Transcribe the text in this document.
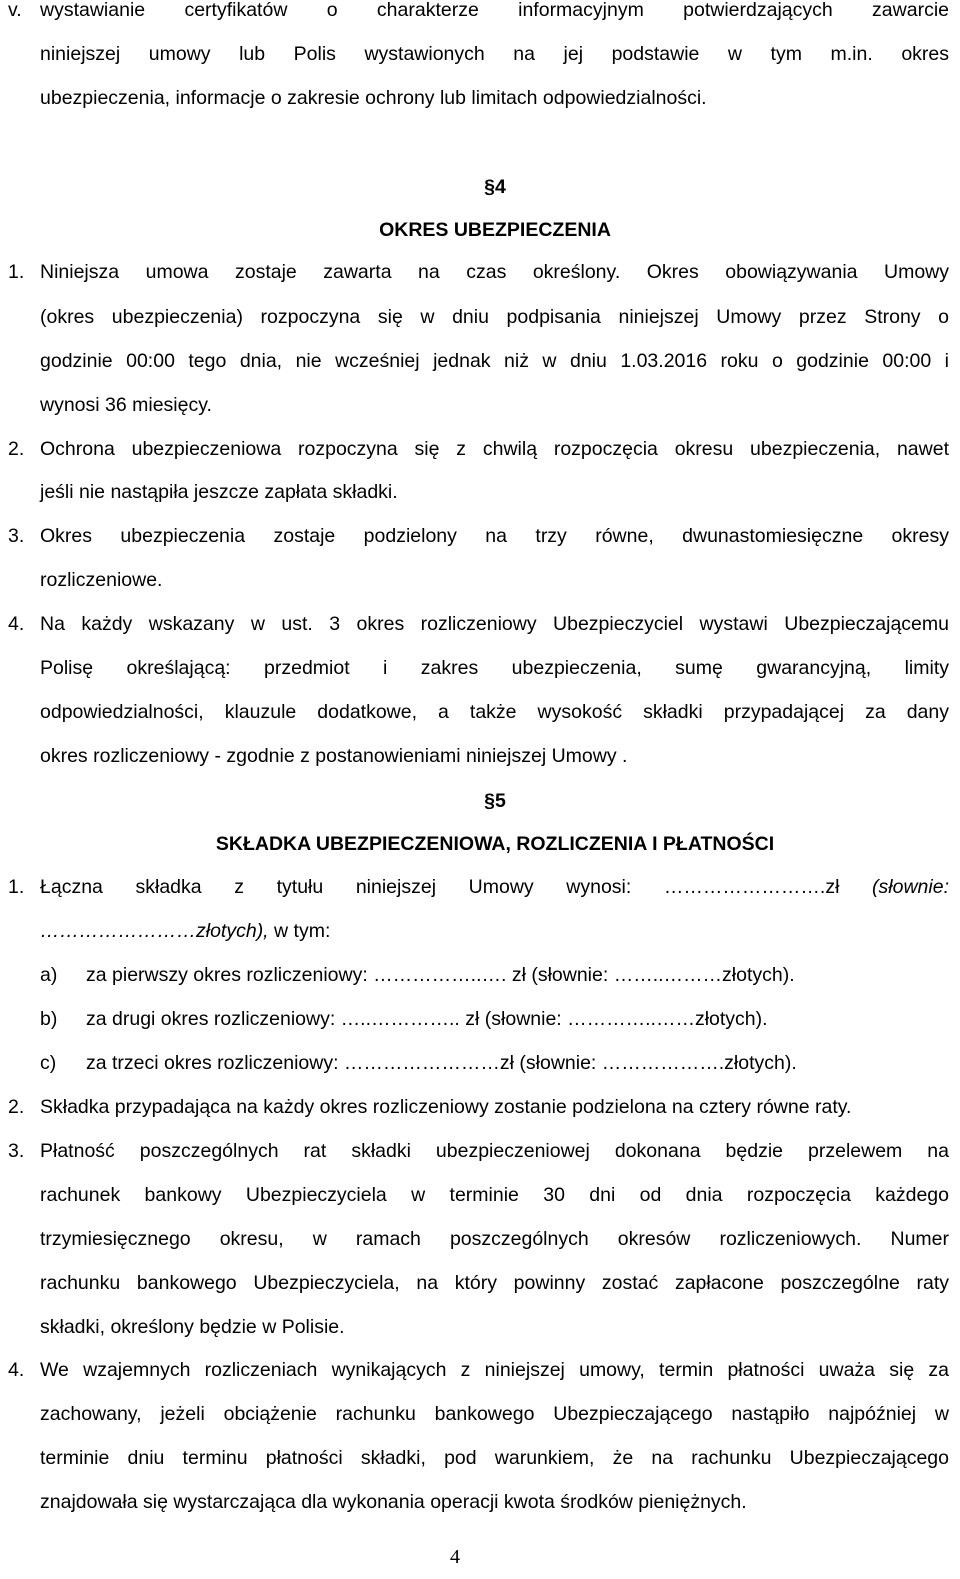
v. wystawianie certyfikatów o charakterze informacyjnym potwierdzających zawarcie
niniejszej umowy lub Polis wystawionych na jej podstawie w tym m.in. okres
ubezpieczenia, informacje o zakresie ochrony lub limitach odpowiedzialności.
§4
OKRES UBEZPIECZENIA
1. Niniejsza umowa zostaje zawarta na czas określony. Okres obowiązywania Umowy
(okres ubezpieczenia) rozpoczyna się w dniu podpisania niniejszej Umowy przez Strony o
godzinie 00:00 tego dnia, nie wcześniej jednak niż w dniu 1.03.2016 roku o godzinie 00:00 i
wynosi 36 miesięcy.
2. Ochrona ubezpieczeniowa rozpoczyna się z chwilą rozpoczęcia okresu ubezpieczenia, nawet
jeśli nie nastąpiła jeszcze zapłata składki.
3. Okres ubezpieczenia zostaje podzielony na trzy równe, dwunastomiesięczne okresy
rozliczeniowe.
4. Na każdy wskazany w ust. 3 okres rozliczeniowy Ubezpieczyciel wystawi Ubezpieczającemu
Polisę określającą: przedmiot i zakres ubezpieczenia, sumę gwarancyjną, limity
odpowiedzialności, klauzule dodatkowe, a także wysokość składki przypadającej za dany
okres rozliczeniowy - zgodnie z postanowieniami niniejszej Umowy .
§5
SKŁADKA UBEZPIECZENIOWA, ROZLICZENIA I PŁATNOŚCI
1. Łączna składka z tytułu niniejszej Umowy wynosi: …………………….zł (słownie:
……………………złotych), w tym:
a) za pierwszy okres rozliczeniowy: ……………..…. zł (słownie: ……..………złotych).
b) za drugi okres rozliczeniowy: …..………….. zł (słownie: …………..……złotych).
c) za trzeci okres rozliczeniowy: ……………………zł (słownie: ……………….złotych).
2. Składka przypadająca na każdy okres rozliczeniowy zostanie podzielona na cztery równe raty.
3. Płatność poszczególnych rat składki ubezpieczeniowej dokonana będzie przelewem na
rachunek bankowy Ubezpieczyciela w terminie 30 dni od dnia rozpoczęcia każdego
trzymiesięcznego okresu, w ramach poszczególnych okresów rozliczeniowych. Numer
rachunku bankowego Ubezpieczyciela, na który powinny zostać zapłacone poszczególne raty
składki, określony będzie w Polisie.
4. We wzajemnych rozliczeniach wynikających z niniejszej umowy, termin płatności uważa się za
zachowany, jeżeli obciążenie rachunku bankowego Ubezpieczającego nastąpiło najpóźniej w
terminie dniu terminu płatności składki, pod warunkiem, że na rachunku Ubezpieczającego
znajdowała się wystarczająca dla wykonania operacji kwota środków pieniężnych.
4
